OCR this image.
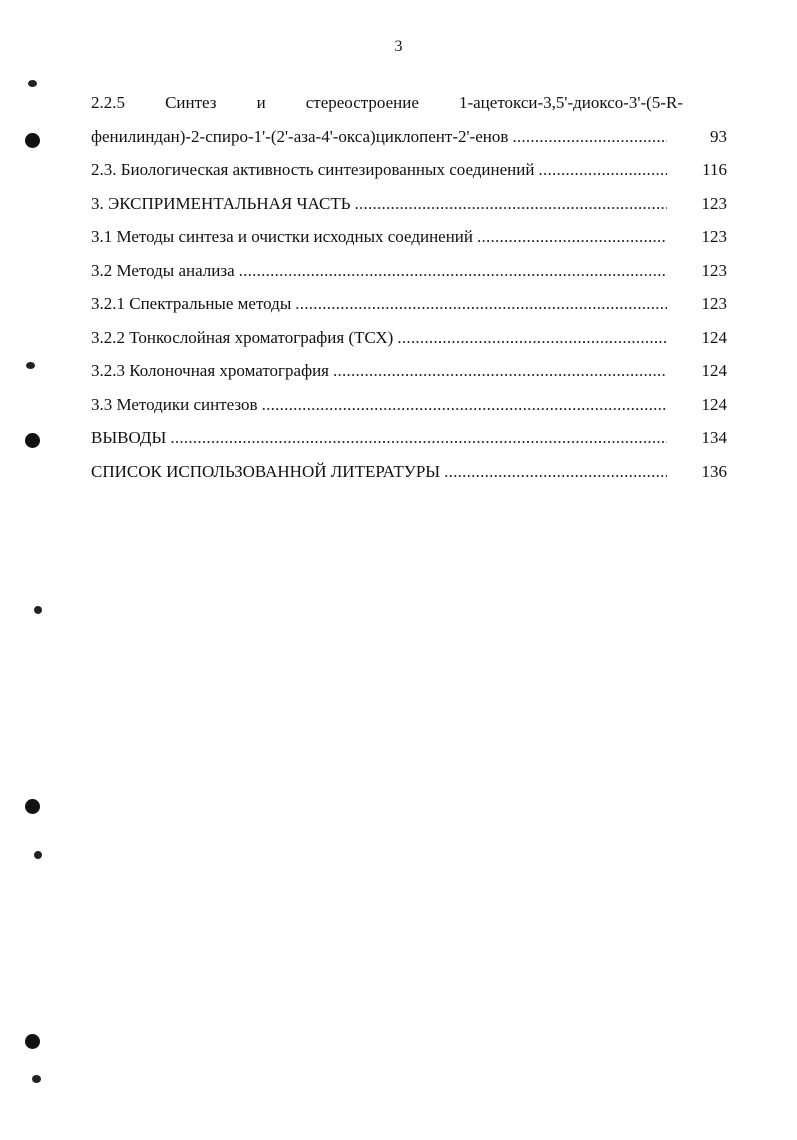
3
2.2.5 Синтез и стереостроение 1-ацетокси-3,5'-диоксо-3'-(5-R-
фенилиндан)-2-спиро-1'-(2'-аза-4'-окса)циклопент-2'-енов . . .	93
2.3. Биологическая активность синтезированных соединений . . .	116
3. ЭКСПРИМЕНТАЛЬНАЯ ЧАСТЬ . . .	123
3.1 Методы синтеза и очистки исходных соединений . . .	123
3.2 Методы анализа . . .	123
3.2.1 Спектральные методы . . .	123
3.2.2 Тонкослойная хроматография (ТСХ) . . .	124
3.2.3 Колоночная хроматография . . .	124
3.3 Методики синтезов . . .	124
ВЫВОДЫ . . .	134
СПИСОК ИСПОЛЬЗОВАННОЙ ЛИТЕРАТУРЫ . . .	136
